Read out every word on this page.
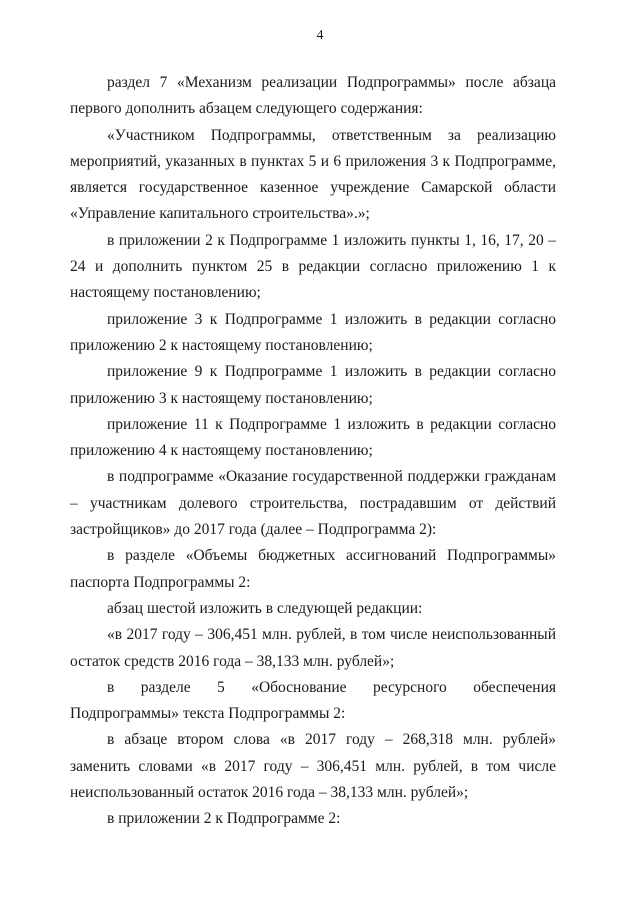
4

раздел 7 «Механизм реализации Подпрограммы» после абзаца первого дополнить абзацем следующего содержания:

«Участником Подпрограммы, ответственным за реализацию мероприятий, указанных в пунктах 5 и 6 приложения 3 к Подпрограмме, является государственное казенное учреждение Самарской области «Управление капитального строительства».»;

в приложении 2 к Подпрограмме 1 изложить пункты 1, 16, 17, 20 – 24 и дополнить пунктом 25 в редакции согласно приложению 1 к настоящему постановлению;

приложение 3 к Подпрограмме 1 изложить в редакции согласно приложению 2 к настоящему постановлению;

приложение 9 к Подпрограмме 1 изложить в редакции согласно приложению 3 к настоящему постановлению;

приложение 11 к Подпрограмме 1 изложить в редакции согласно приложению 4 к настоящему постановлению;

в подпрограмме «Оказание государственной поддержки гражданам – участникам долевого строительства, пострадавшим от действий застройщиков» до 2017 года (далее – Подпрограмма 2):

в разделе «Объемы бюджетных ассигнований Подпрограммы» паспорта Подпрограммы 2:

абзац шестой изложить в следующей редакции:

«в 2017 году – 306,451 млн. рублей, в том числе неиспользованный остаток средств 2016 года – 38,133 млн. рублей»;

в разделе 5 «Обоснование ресурсного обеспечения Подпрограммы» текста Подпрограммы 2:

в абзаце втором слова «в 2017 году – 268,318 млн. рублей» заменить словами «в 2017 году – 306,451 млн. рублей, в том числе неиспользованный остаток 2016 года – 38,133 млн. рублей»;

в приложении 2 к Подпрограмме 2:
